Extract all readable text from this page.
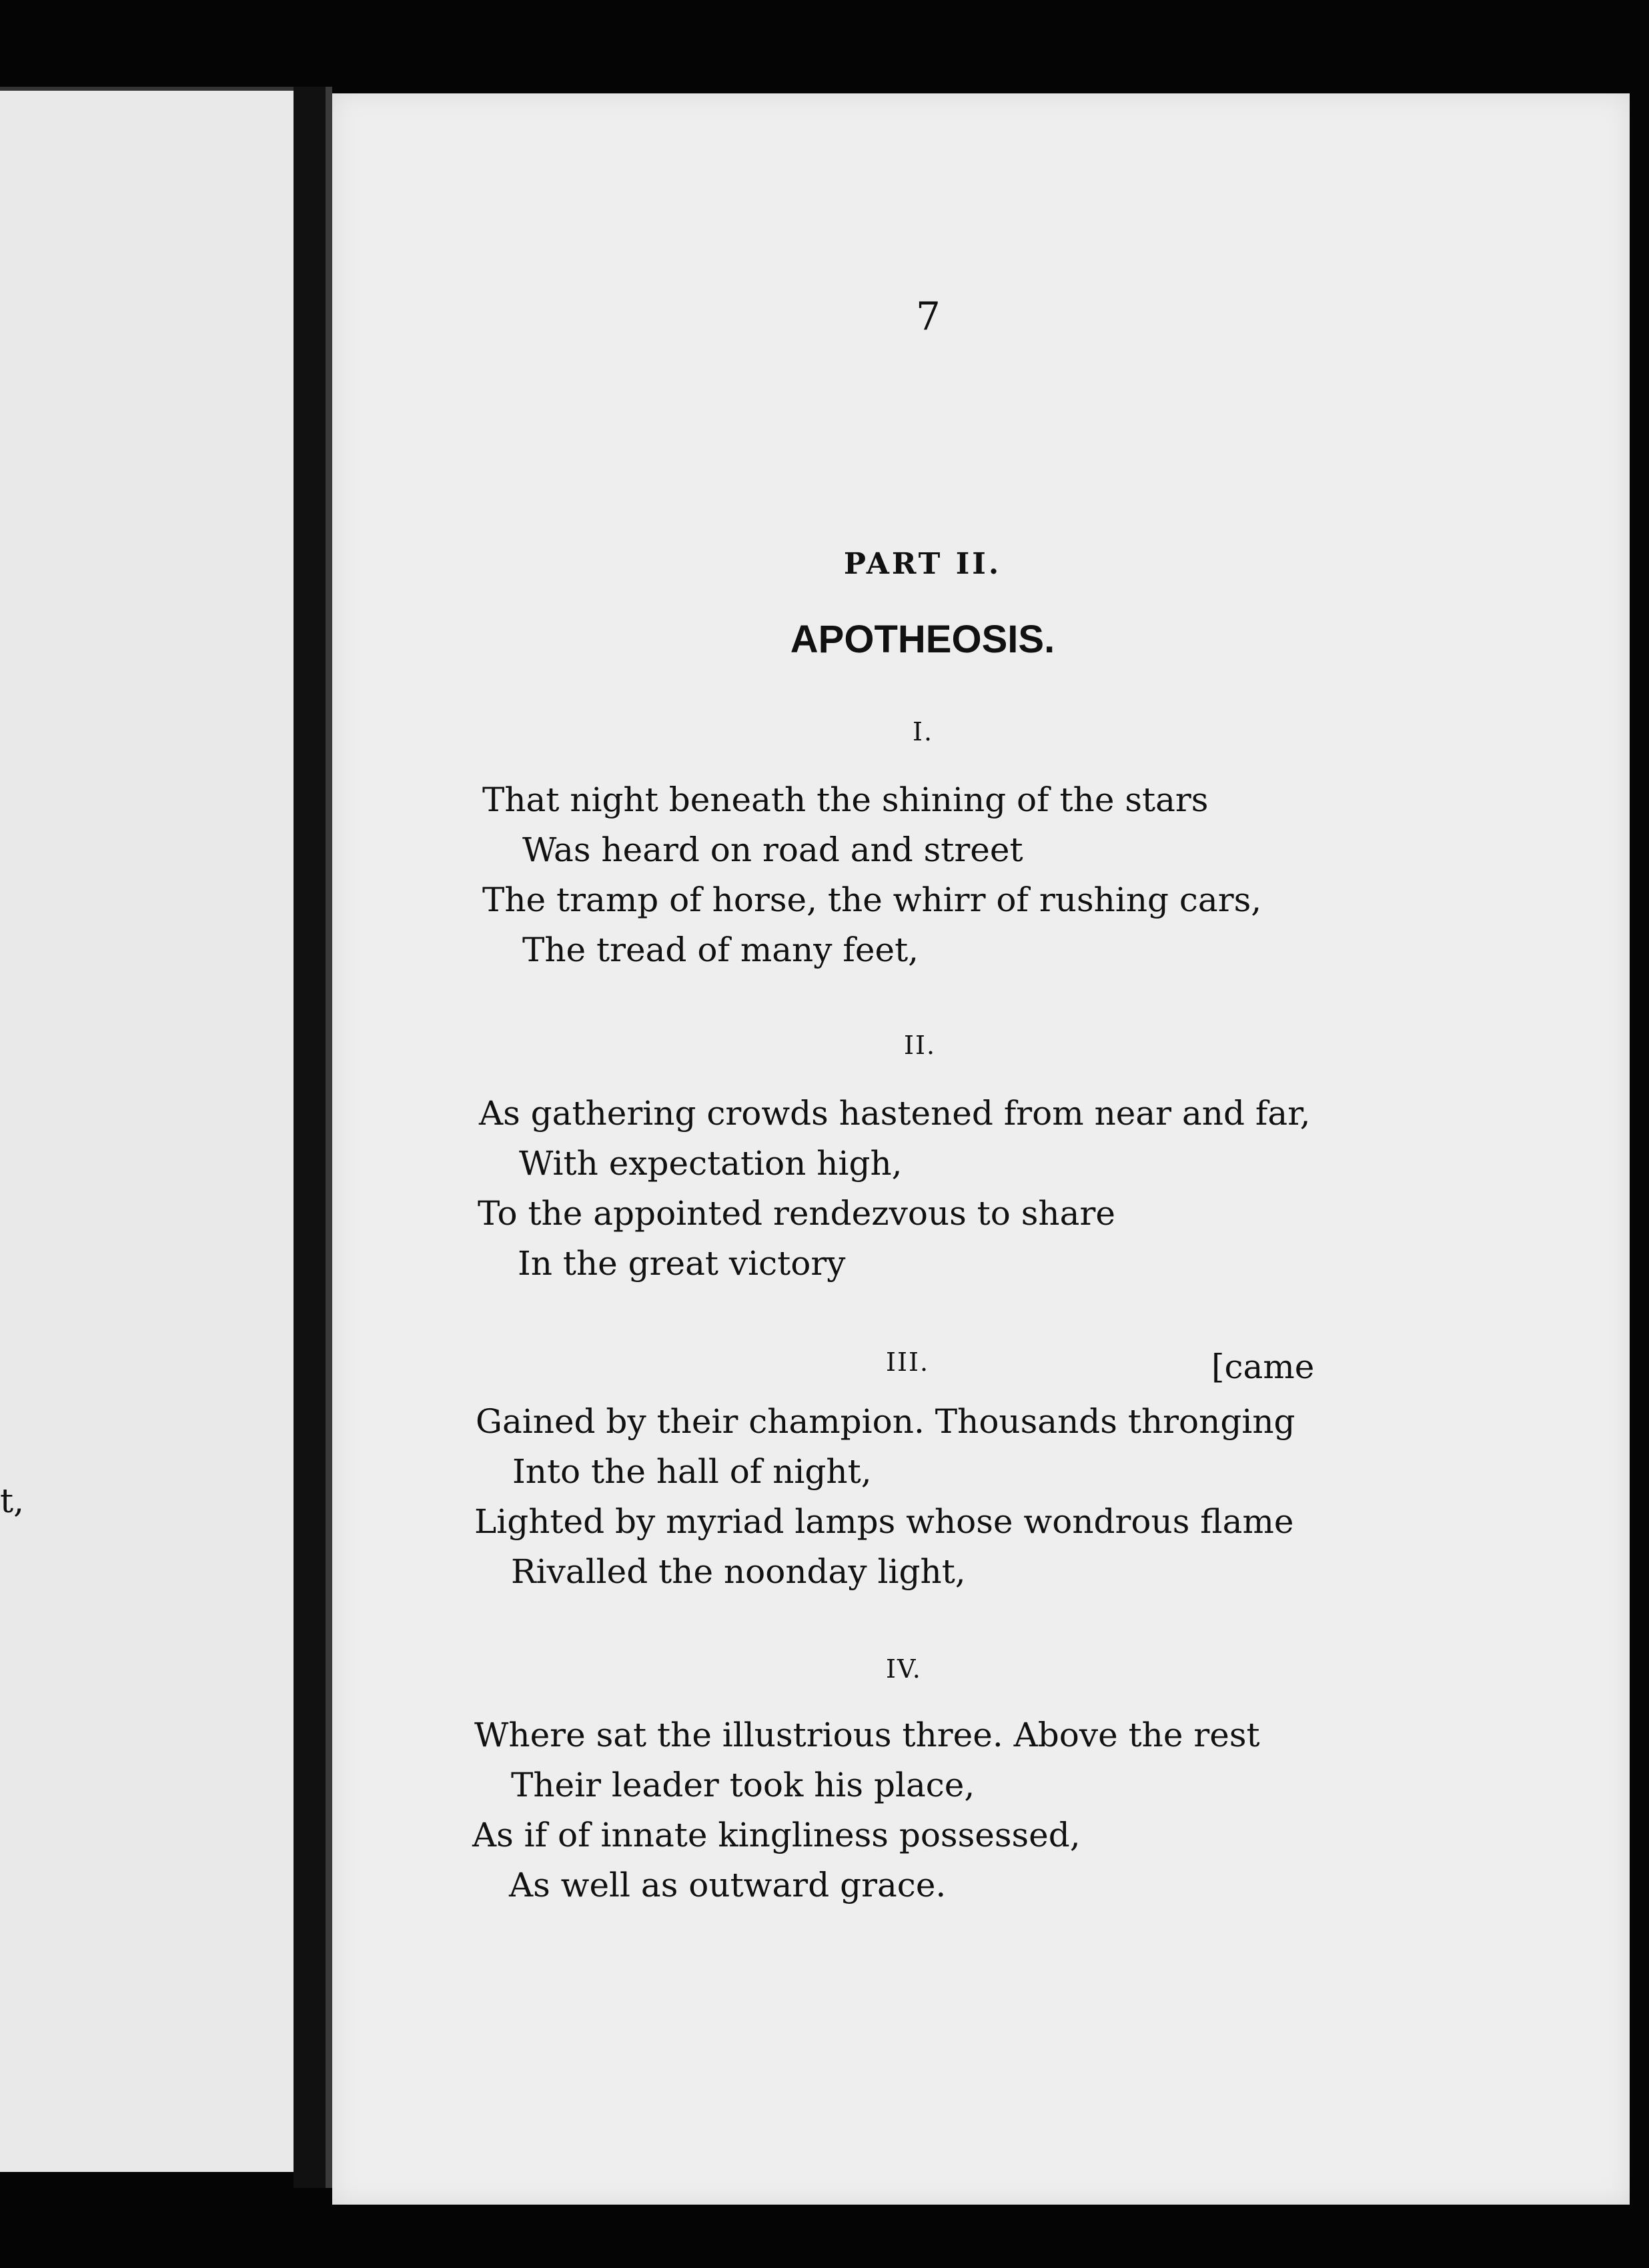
t,
7
PART II.
APOTHEOSIS.
I.
That night beneath the shining of the stars
Was heard on road and street
The tramp of horse, the whirr of rushing cars,
The tread of many feet,
II.
As gathering crowds hastened from near and far,
With expectation high,
To the appointed rendezvous to share
In the great victory
III.	[came
Gained by their champion. Thousands thronging
Into the hall of night,
Lighted by myriad lamps whose wondrous flame
Rivalled the noonday light,
IV.
Where sat the illustrious three. Above the rest
Their leader took his place,
As if of innate kingliness possessed,
As well as outward grace.
